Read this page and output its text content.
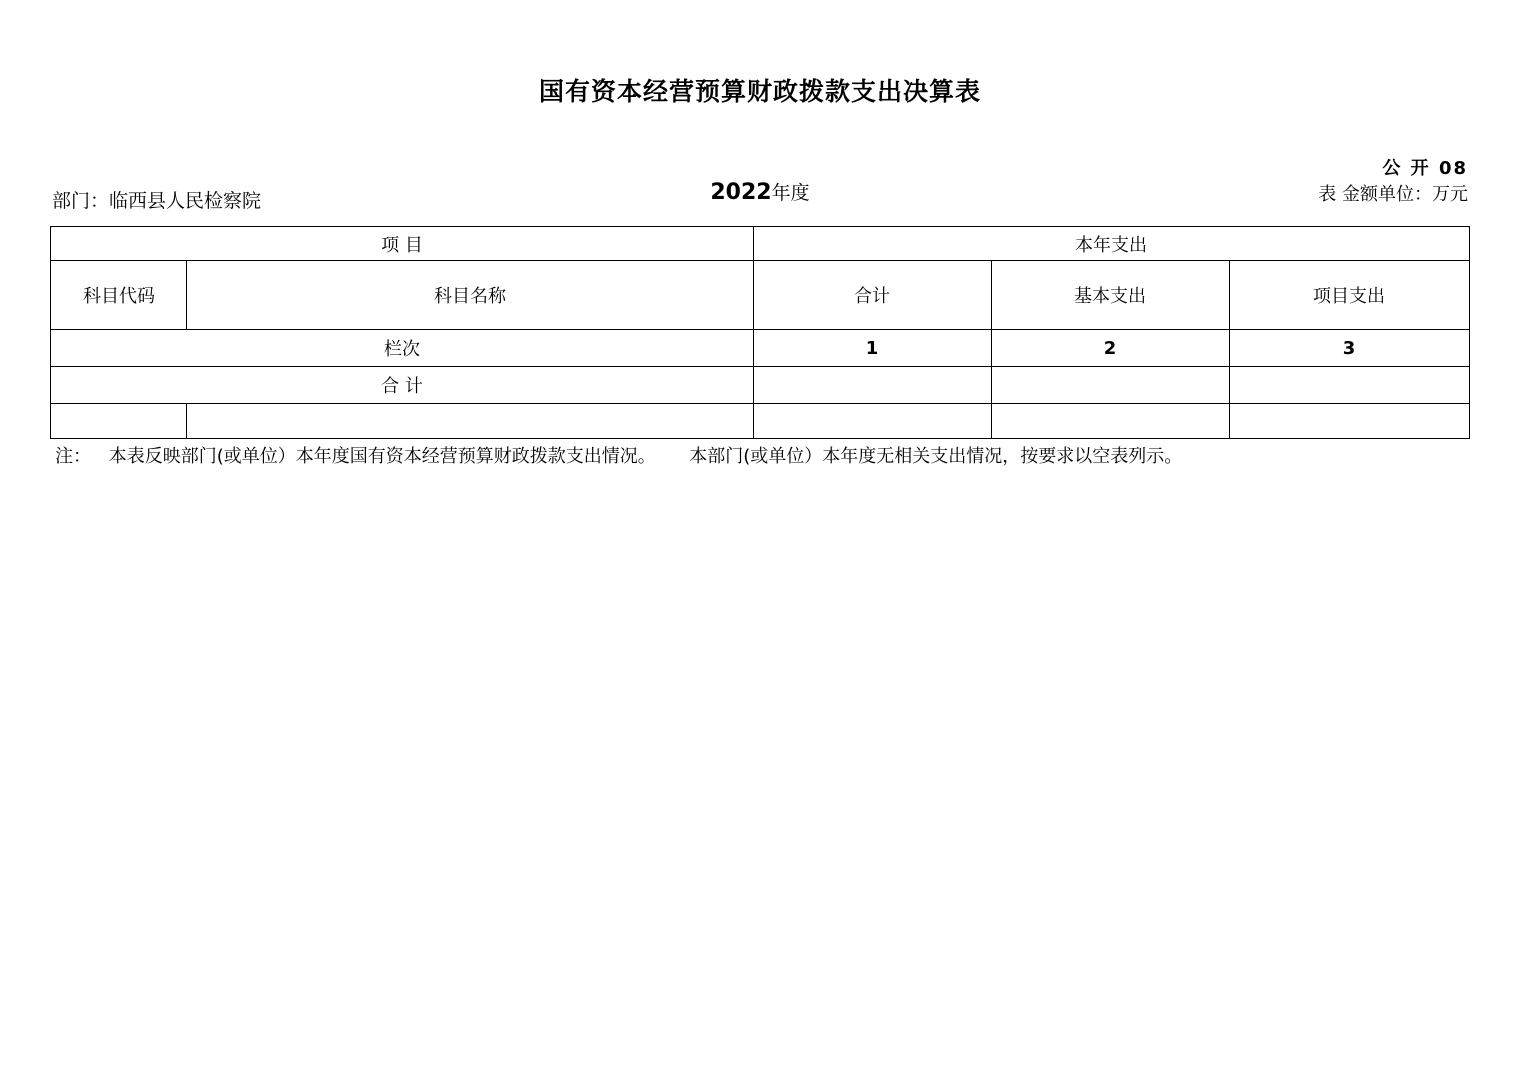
国有资本经营预算财政拨款支出决算表
部门：临西县人民检察院	2022年度
公 开 08
表 金额单位：万元
项 目		本年支出		
科目代码	科目名称	合计	基本支出	项目支出
栏次		1	2	3
合 计				

注： 本表反映部门(或单位）本年度国有资本经营预算财政拨款支出情况。 本部门(或单位）本年度无相关支出情况，按要求以空表列示。
